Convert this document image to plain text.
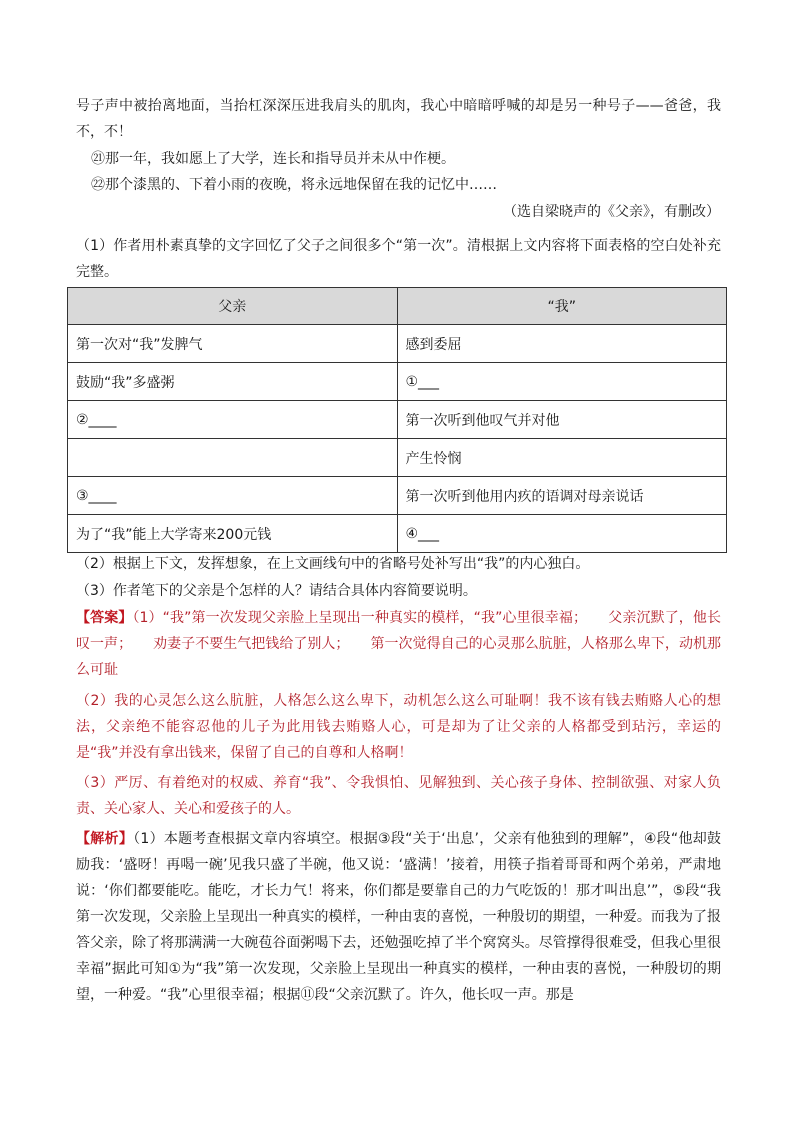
号子声中被抬离地面，当抬杠深深压进我肩头的肌肉，我心中暗暗呼喊的却是另一种号子——爸爸，我不，不！

㉑那一年，我如愿上了大学，连长和指导员并未从中作梗。

㉒那个漆黑的、下着小雨的夜晚，将永远地保留在我的记忆中……

（选自梁晓声的《父亲》，有删改）

（1）作者用朴素真挚的文字回忆了父子之间很多个“第一次”。清根据上文内容将下面表格的空白处补充完整。

父亲	“我”
第一次对“我”发脾气	感到委屈
鼓励“我”多盛粥	①___
②____	第一次听到他叹气并对他
	产生怜悯
③____	第一次听到他用内疚的语调对母亲说话
为了“我”能上大学寄来200元钱	④___

（2）根据上下文，发挥想象，在上文画线句中的省略号处补写出“我”的内心独白。

（3）作者笔下的父亲是个怎样的人？请结合具体内容简要说明。

【答案】（1）“我”第一次发现父亲脸上呈现出一种真实的模样，“我”心里很幸福；　　父亲沉默了，他长叹一声；　　劝妻子不要生气把钱给了别人；　　第一次觉得自己的心灵那么肮脏，人格那么卑下，动机那么可耻

（2）我的心灵怎么这么肮脏，人格怎么这么卑下，动机怎么这么可耻啊！我不该有钱去贿赂人心的想法，父亲绝不能容忍他的儿子为此用钱去贿赂人心，可是却为了让父亲的人格都受到玷污，幸运的是“我”并没有拿出钱来，保留了自己的自尊和人格啊！

（3）严厉、有着绝对的权威、养育“我”、令我惧怕、见解独到、关心孩子身体、控制欲强、对家人负责、关心家人、关心和爱孩子的人。

【解析】（1）本题考查根据文章内容填空。根据③段“关于‘出息’，父亲有他独到的理解”，④段“他却鼓励我：‘盛呀！再喝一碗’见我只盛了半碗，他又说：‘盛满！’接着，用筷子指着哥哥和两个弟弟，严肃地说：‘你们都要能吃。能吃，才长力气！将来，你们都是要靠自己的力气吃饭的！那才叫出息’”，⑤段“我第一次发现，父亲脸上呈现出一种真实的模样，一种由衷的喜悦，一种殷切的期望，一种爱。而我为了报答父亲，除了将那满满一大碗苞谷面粥喝下去，还勉强吃掉了半个窝窝头。尽管撑得很难受，但我心里很幸福”据此可知①为“我”第一次发现，父亲脸上呈现出一种真实的模样，一种由衷的喜悦，一种殷切的期望，一种爱。“我”心里很幸福；根据⑪段“父亲沉默了。许久，他长叹一声。那是
